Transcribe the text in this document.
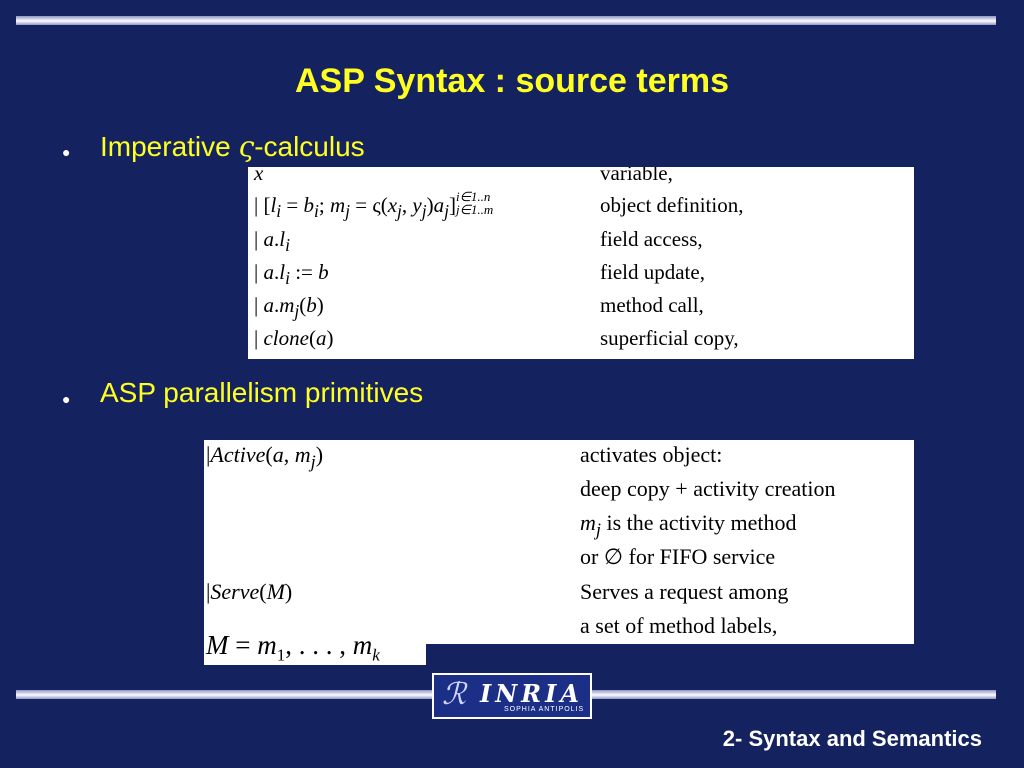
ASP Syntax : source terms
● Imperative ς-calculus
x	variable,
| [$l_i = b_i$; $m_j = \varsigma(x_j$, $y_j)a_j]i\in 1..n$
j∈1..m	object definition,
| $a.l_i$	field access,
| $a.l_i$ := b	field update,
| $a.m_j(b)$	method call,
| clone(a)	superficial copy,
● ASP parallelism primitives
|Active(a, $m_j$)	activates object:
deep copy + activity creation
$m_j$ is the activity method
or ∅ for FIFO service
|Serve(M)	Serves a request among
a set of method labels,
$M = m_1$, . . . , $m_k$
ℛ INRIA
SOPHIA ANTIPOLIS
2- Syntax and Semantics
